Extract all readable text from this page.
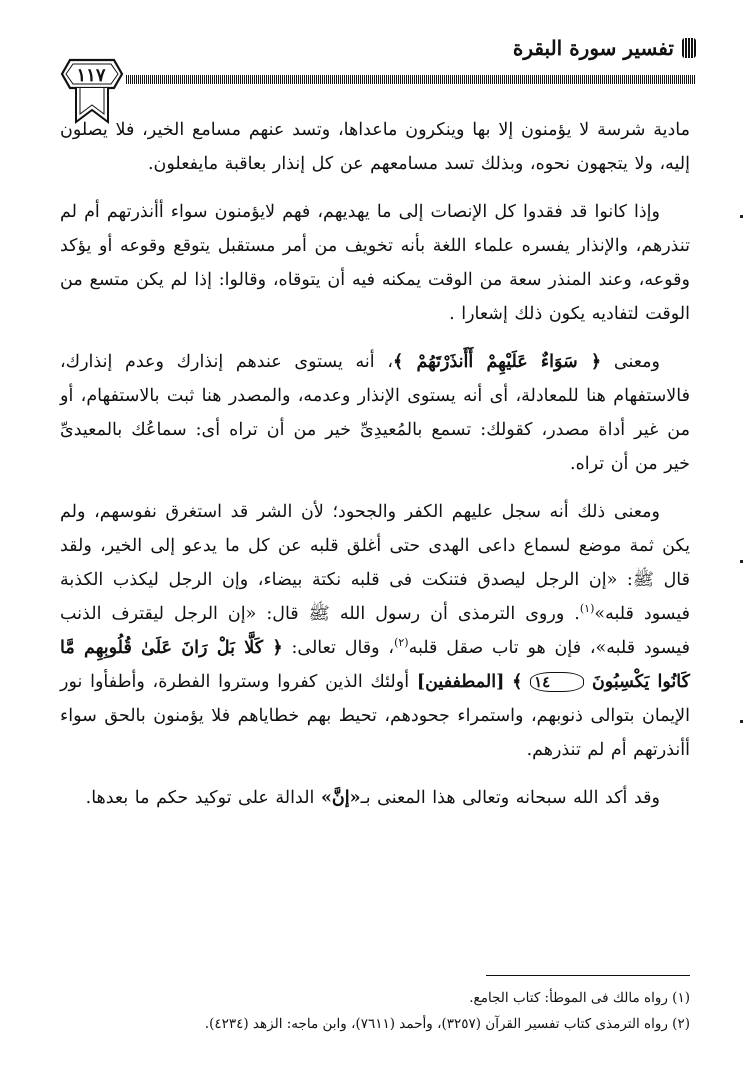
تفسير سورة البقرة
١١٧

مادية شرسة لا يؤمنون إلا بها وينكرون ماعداها، وتسد عنهم مسامع الخير، فلا يصلون إليه، ولا يتجهون نحوه، وبذلك تسد مسامعهم عن كل إنذار بعاقبة مايفعلون.

وإذا كانوا قد فقدوا كل الإنصات إلى ما يهديهم، فهم لايؤمنون سواء أأنذرتهم أم لم تنذرهم، والإنذار يفسره علماء اللغة بأنه تخويف من أمر مستقبل يتوقع وقوعه أو يؤكد وقوعه، وعند المنذر سعة من الوقت يمكنه فيه أن يتوقاه، وقالوا: إذا لم يكن متسع من الوقت لتفاديه يكون ذلك إشعارا .

ومعنى ﴿ سَوَاءٌ عَلَيْهِمْ أَأَنذَرْتَهُمْ ﴾، أنه يستوى عندهم إنذارك وعدم إنذارك، فالاستفهام هنا للمعادلة، أى أنه يستوى الإنذار وعدمه، والمصدر هنا ثبت بالاستفهام، أو من غير أداة مصدر، كقولك: تسمع بالمُعيدِىِّ خير من أن تراه أى: سماعُك بالمعيدىِّ خير من أن تراه.

ومعنى ذلك أنه سجل عليهم الكفر والجحود؛ لأن الشر قد استغرق نفوسهم، ولم يكن ثمة موضع لسماع داعى الهدى حتى أغلق قلبه عن كل ما يدعو إلى الخير، ولقد قال ﷺ: «إن الرجل ليصدق فتنكت فى قلبه نكتة بيضاء، وإن الرجل ليكذب الكذبة فيسود قلبه»$^{(١)}$. وروى الترمذى أن رسول الله ﷺ قال: «إن الرجل ليقترف الذنب فيسود قلبه»، فإن هو تاب صقل قلبه$^{(٢)}$، وقال تعالى: ﴿ كَلَّا بَلْ رَانَ عَلَىٰ قُلُوبِهِم مَّا كَانُوا يَكْسِبُونَ ١٤ ﴾ [المطففين] أولئك الذين كفروا وستروا الفطرة، وأطفأوا نور الإيمان بتوالى ذنوبهم، واستمراء جحودهم، تحيط بهم خطاياهم فلا يؤمنون بالحق سواء أأنذرتهم أم لم تنذرهم.

وقد أكد الله سبحانه وتعالى هذا المعنى بـ«إنَّ» الدالة على توكيد حكم ما بعدها.

(١) رواه مالك فى الموطأ: كتاب الجامع.

(٢) رواه الترمذى كتاب تفسير القرآن (٣٢٥٧)، وأحمد (٧٦١١)، وابن ماجه: الزهد (٤٢٣٤).
